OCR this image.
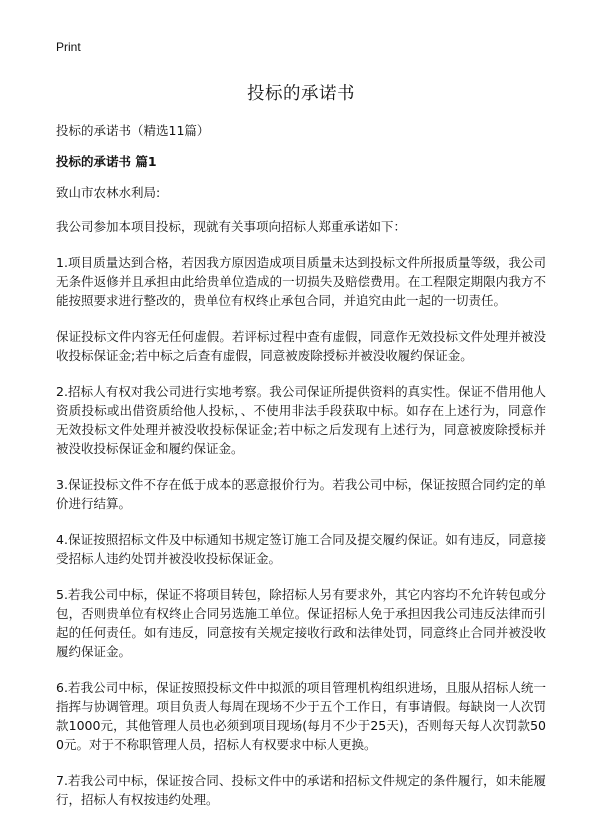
Print
投标的承诺书
投标的承诺书（精选11篇）
投标的承诺书 篇1

致山市农林水利局:

我公司参加本项目投标，现就有关事项向招标人郑重承诺如下：

1.项目质量达到合格，若因我方原因造成项目质量未达到投标文件所报质量等级，我公司无条件返修并且承担由此给贵单位造成的一切损失及赔偿费用。在工程限定期限内我方不能按照要求进行整改的，贵单位有权终止承包合同，并追究由此一起的一切责任。

保证投标文件内容无任何虚假。若评标过程中查有虚假，同意作无效投标文件处理并被没收投标保证金;若中标之后查有虚假，同意被废除授标并被没收履约保证金。

2.招标人有权对我公司进行实地考察。我公司保证所提供资料的真实性。保证不借用他人资质投标或出借资质给他人投标，、不使用非法手段获取中标。如存在上述行为，同意作无效投标文件处理并被没收投标保证金;若中标之后发现有上述行为，同意被废除授标并被没收投标保证金和履约保证金。

3.保证投标文件不存在低于成本的恶意报价行为。若我公司中标，保证按照合同约定的单价进行结算。

4.保证按照招标文件及中标通知书规定签订施工合同及提交履约保证。如有违反，同意接受招标人违约处罚并被没收投标保证金。

5.若我公司中标，保证不将项目转包，除招标人另有要求外，其它内容均不允许转包或分包，否则贵单位有权终止合同另选施工单位。保证招标人免于承担因我公司违反法律而引起的任何责任。如有违反，同意按有关规定接收行政和法律处罚，同意终止合同并被没收履约保证金。

6.若我公司中标，保证按照投标文件中拟派的项目管理机构组织进场，且服从招标人统一指挥与协调管理。项目负责人每周在现场不少于五个工作日，有事请假。每缺岗一人次罚款1000元，其他管理人员也必须到项目现场(每月不少于25天)，否则每天每人次罚款500元。对于不称职管理人员，招标人有权要求中标人更换。

7.若我公司中标，保证按合同、投标文件中的承诺和招标文件规定的条件履行，如未能履行，招标人有权按违约处理。
